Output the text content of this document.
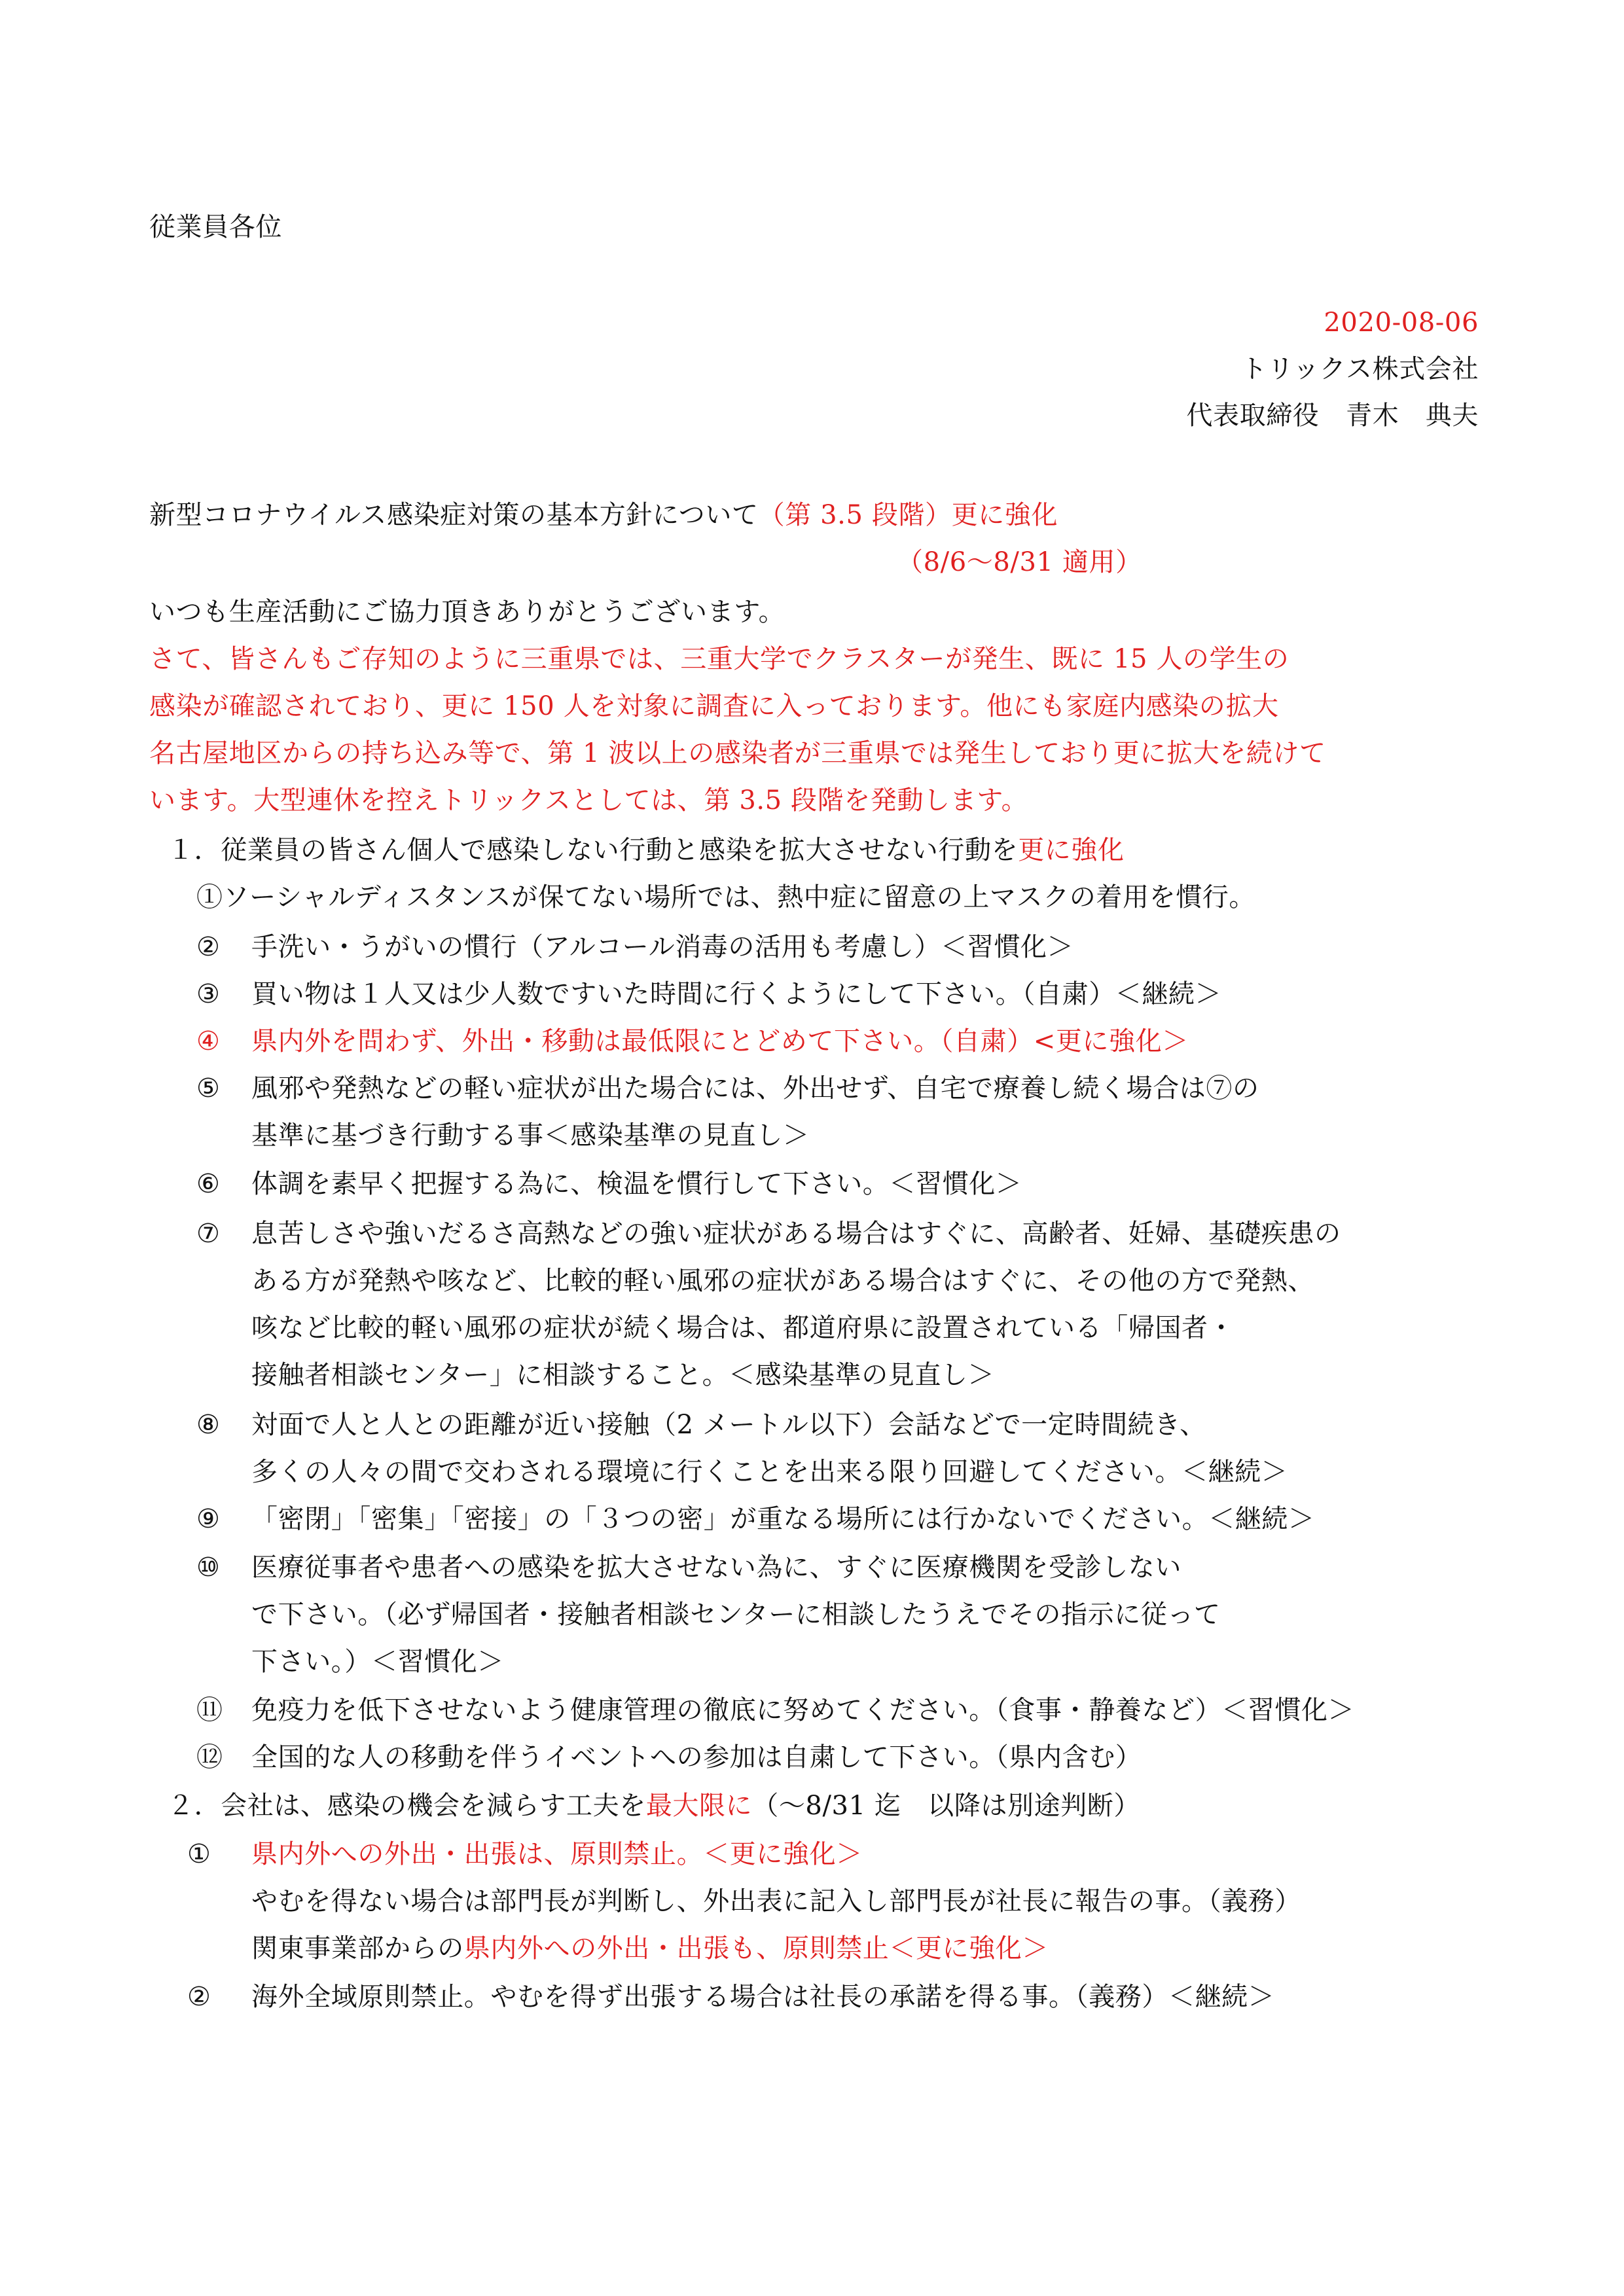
従業員各位
2020-08-06
トリックス株式会社
代表取締役　青木　典夫
新型コロナウイルス感染症対策の基本方針について（第 3.5 段階）更に強化
（8/6～8/31 適用）
いつも生産活動にご協力頂きありがとうございます。
さて、皆さんもご存知のように三重県では、三重大学でクラスターが発生、既に 15 人の学生の
感染が確認されており、更に 150 人を対象に調査に入っております。他にも家庭内感染の拡大
名古屋地区からの持ち込み等で、第 1 波以上の感染者が三重県では発生しており更に拡大を続けて
います。大型連休を控えトリックスとしては、第 3.5 段階を発動します。
１．従業員の皆さん個人で感染しない行動と感染を拡大させない行動を更に強化
①ソーシャルディスタンスが保てない場所では、熱中症に留意の上マスクの着用を慣行。
② 手洗い・うがいの慣行（アルコール消毒の活用も考慮し）＜習慣化＞
③ 買い物は１人又は少人数ですいた時間に行くようにして下さい。（自粛）＜継続＞
④ 県内外を問わず、外出・移動は最低限にとどめて下さい。（自粛）<更に強化＞
⑤ 風邪や発熱などの軽い症状が出た場合には、外出せず、自宅で療養し続く場合は⑦の
基準に基づき行動する事＜感染基準の見直し＞
⑥ 体調を素早く把握する為に、検温を慣行して下さい。＜習慣化＞
⑦ 息苦しさや強いだるさ高熱などの強い症状がある場合はすぐに、高齢者、妊婦、基礎疾患の
ある方が発熱や咳など、比較的軽い風邪の症状がある場合はすぐに、その他の方で発熱、
咳など比較的軽い風邪の症状が続く場合は、都道府県に設置されている「帰国者・
接触者相談センター」に相談すること。＜感染基準の見直し＞
⑧ 対面で人と人との距離が近い接触（2 メートル以下）会話などで一定時間続き、
多くの人々の間で交わされる環境に行くことを出来る限り回避してください。＜継続＞
⑨ 「密閉」「密集」「密接」の「３つの密」が重なる場所には行かないでください。＜継続＞
⑩ 医療従事者や患者への感染を拡大させない為に、すぐに医療機関を受診しない
で下さい。（必ず帰国者・接触者相談センターに相談したうえでその指示に従って
下さい。）＜習慣化＞
⑪ 免疫力を低下させないよう健康管理の徹底に努めてください。（食事・静養など）＜習慣化＞
⑫ 全国的な人の移動を伴うイベントへの参加は自粛して下さい。（県内含む）
２．会社は、感染の機会を減らす工夫を最大限に（～8/31 迄　以降は別途判断）
① 県内外への外出・出張は、原則禁止。＜更に強化＞
やむを得ない場合は部門長が判断し、外出表に記入し部門長が社長に報告の事。（義務）
関東事業部からの県内外への外出・出張も、原則禁止＜更に強化＞
② 海外全域原則禁止。やむを得ず出張する場合は社長の承諾を得る事。（義務）＜継続＞
